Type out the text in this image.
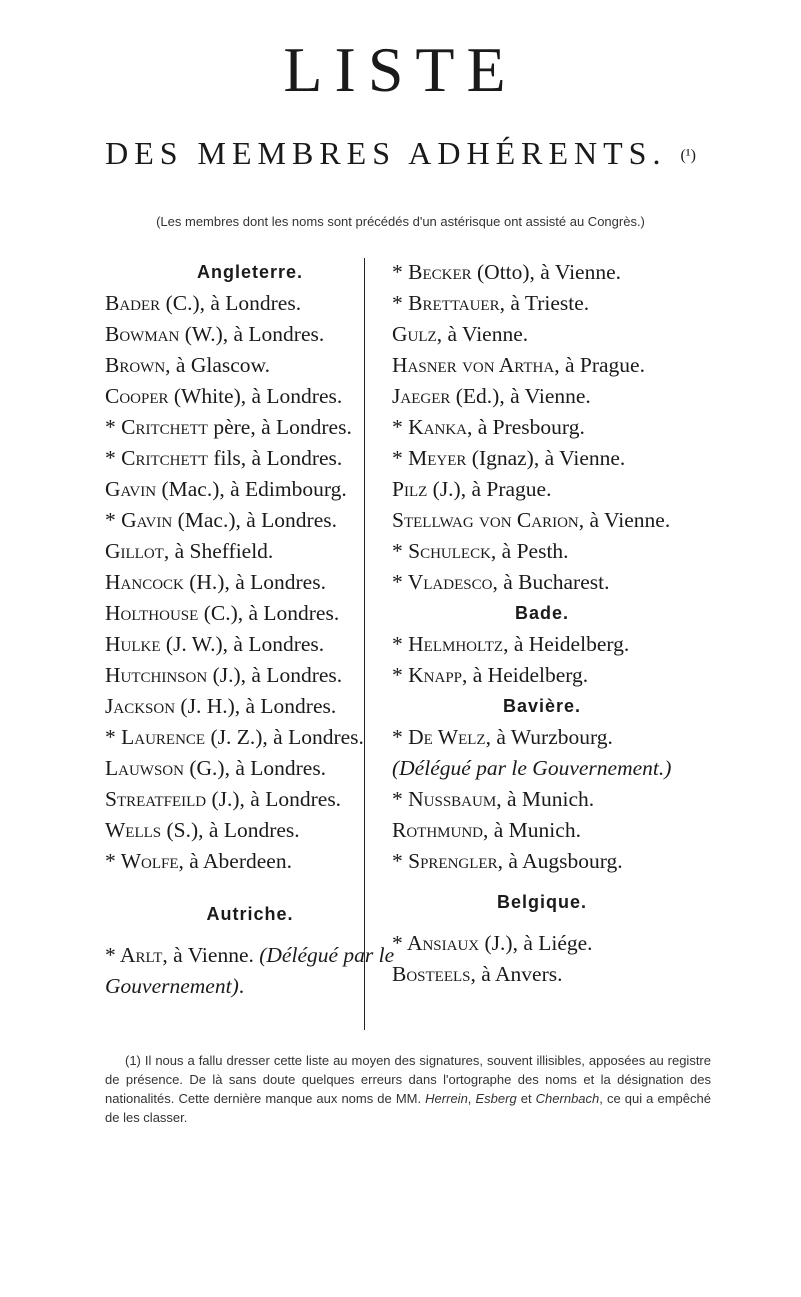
LISTE
DES MEMBRES ADHÉRENTS. (¹)
(Les membres dont les noms sont précédés d'un astérisque ont assisté au Congrès.)
Angleterre.
Bader (C.), à Londres.
Bowman (W.), à Londres.
Brown, à Glascow.
Cooper (White), à Londres.
* Critchett père, à Londres.
* Critchett fils, à Londres.
Gavin (Mac.), à Edimbourg.
* Gavin (Mac.), à Londres.
Gillot, à Sheffield.
Hancock (H.), à Londres.
Holthouse (C.), à Londres.
Hulke (J. W.), à Londres.
Hutchinson (J.), à Londres.
Jackson (J. H.), à Londres.
* Laurence (J. Z.), à Londres.
Lauwson (G.), à Londres.
Streatfeild (J.), à Londres.
Wells (S.), à Londres.
* Wolfe, à Aberdeen.
Autriche.
* Arlt, à Vienne. (Délégué par le Gouvernement).
* Becker (Otto), à Vienne.
* Brettauer, à Trieste.
Gulz, à Vienne.
Hasner von Artha, à Prague.
Jaeger (Ed.), à Vienne.
* Kanka, à Presbourg.
* Meyer (Ignaz), à Vienne.
Pilz (J.), à Prague.
Stellwag von Carion, à Vienne.
* Schuleck, à Pesth.
* Vladesco, à Bucharest.
Bade.
* Helmholtz, à Heidelberg.
* Knapp, à Heidelberg.
Bavière.
* De Welz, à Wurzbourg. (Délégué par le Gouvernement.)
* Nussbaum, à Munich.
Rothmund, à Munich.
* Sprengler, à Augsbourg.
Belgique.
* Ansiaux (J.), à Liége.
Bosteels, à Anvers.
(1) Il nous a fallu dresser cette liste au moyen des signatures, souvent illisibles, apposées au registre de présence. De là sans doute quelques erreurs dans l'ortographe des noms et la désignation des nationalités. Cette dernière manque aux noms de MM. Herrein, Esberg et Chernbach, ce qui a empêché de les classer.
